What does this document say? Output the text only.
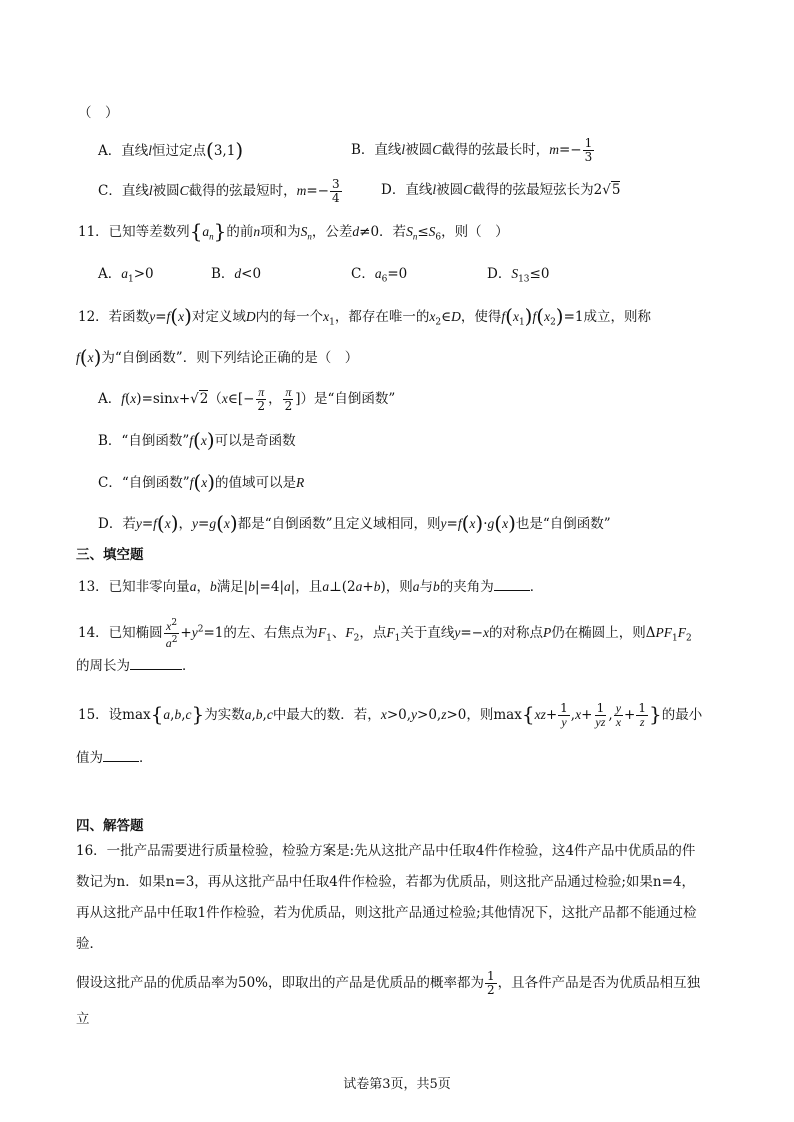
（　）
A．直线l恒过定点(3,1)	B．直线l被圆C截得的弦最长时，$m=- \frac{1}{3}$
C．直线l被圆C截得的弦最短时，$m=- \frac{3}{4}$	D．直线l被圆C截得的弦最短弦长为2√5
11．已知等差数列$\{a_n\}$的前n项和为$S_n$，公差d≠0．若$S_n\le S_6$，则（　）
A．$a_1>0$	B．d<0	C．$a_6=0$	D．$S_{13}\le 0$
12．若函数y=f(x)对定义域D内的每一个$x_1$，都存在唯一的$x_2\in D$，使得$f(x_1)f(x_2)=1$成立，则称
f(x)为“自倒函数”．则下列结论正确的是（　）
A．f(x)=sinx+√2（x∈[− $\frac{\pi}{2}$ ， $\frac{\pi}{2}$ ]）是“自倒函数”
B．“自倒函数”f(x)可以是奇函数
C．“自倒函数”f(x)的值域可以是R
D．若y=f(x)，y=g(x)都是“自倒函数”且定义域相同，则y=f(x)·g(x)也是“自倒函数”
三、填空题
13．已知非零向量a，b满足|b|=4|a|，且a⊥(2a+b)，则a与b的夹角为	．
14．已知椭圆 $\frac{x^2}{a^2} +y^2=1$的左、右焦点为$F_1$、$F_2$，点$F_1$关于直线y=−x的对称点P仍在椭圆上，则$\Delta PF_1F_2$
的周长为	．
15．设max{a,b,c}为实数a,b,c中最大的数．若，x>0,y>0,z>0，则$\max\{xz+ \frac{1}{y} ,x+ \frac{1}{yz}$ , $\frac{y}{x} + \frac{1}{z}$ }的最小
值为	．
四、解答题
16．一批产品需要进行质量检验，检验方案是:先从这批产品中任取4件作检验，这4件产品中优质品的件
数记为n．如果n=3，再从这批产品中任取4件作检验，若都为优质品，则这批产品通过检验;如果n=4，
再从这批产品中任取1件作检验，若为优质品，则这批产品通过检验;其他情况下，这批产品都不能通过检
验．
假设这批产品的优质品率为50%，即取出的产品是优质品的概率都为 $\frac{1}{2}$ ，且各件产品是否为优质品相互独
立
试卷第3页，共5页
